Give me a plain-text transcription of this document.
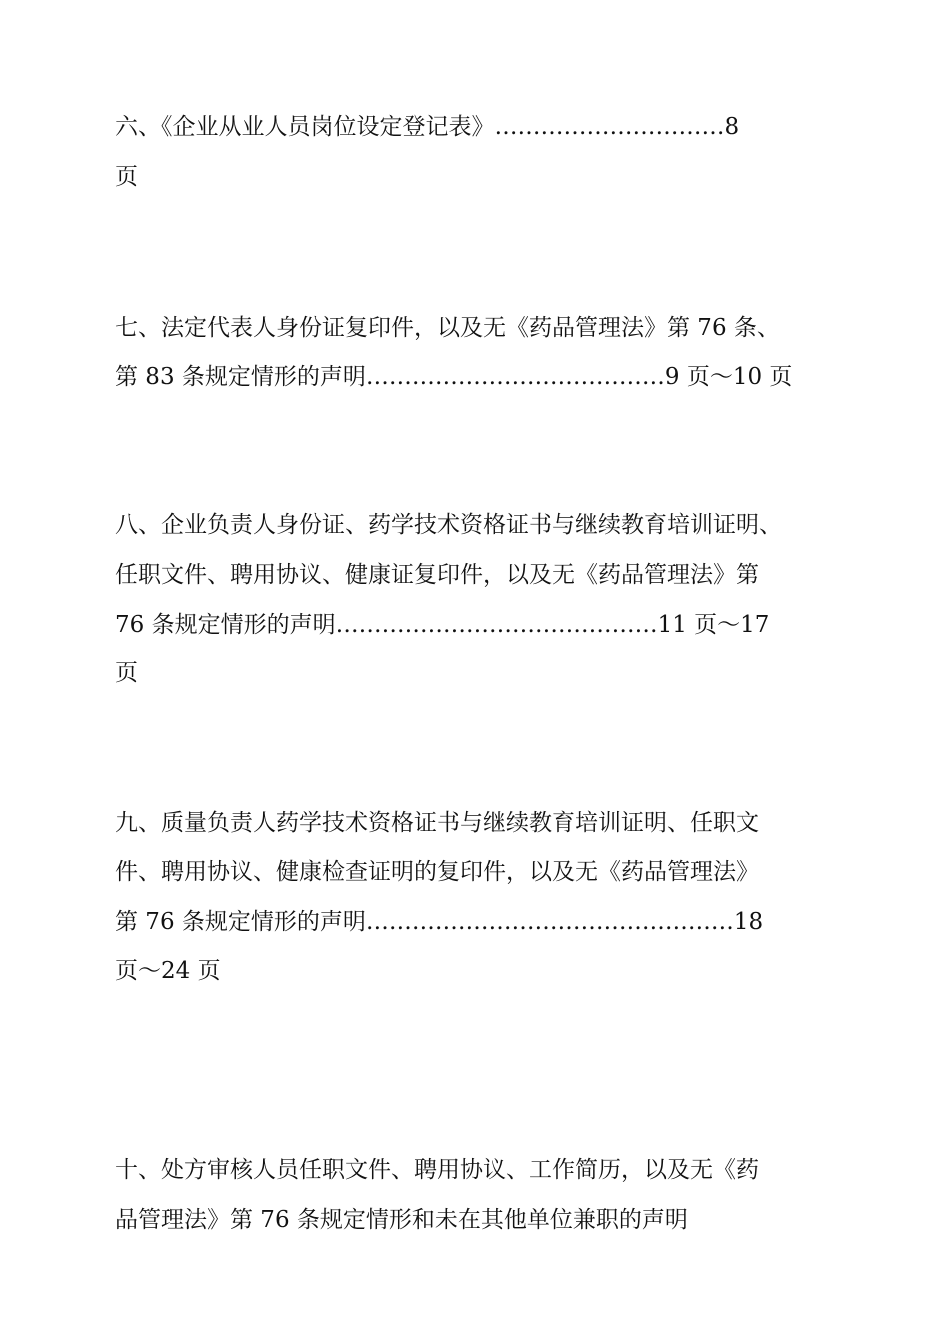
六、《企业从业人员岗位设定登记表》…………………………8
页
七、法定代表人身份证复印件，以及无《药品管理法》第 76 条、
第 83 条规定情形的声明…………………………………9 页～10 页
八、企业负责人身份证、药学技术资格证书与继续教育培训证明、
任职文件、聘用协议、健康证复印件，以及无《药品管理法》第
76 条规定情形的声明……………………………………11 页～17
页
九、质量负责人药学技术资格证书与继续教育培训证明、任职文
件、聘用协议、健康检查证明的复印件，以及无《药品管理法》
第 76 条规定情形的声明…………………………………………18
页～24 页
十、处方审核人员任职文件、聘用协议、工作简历，以及无《药
品管理法》第 76 条规定情形和未在其他单位兼职的声明
